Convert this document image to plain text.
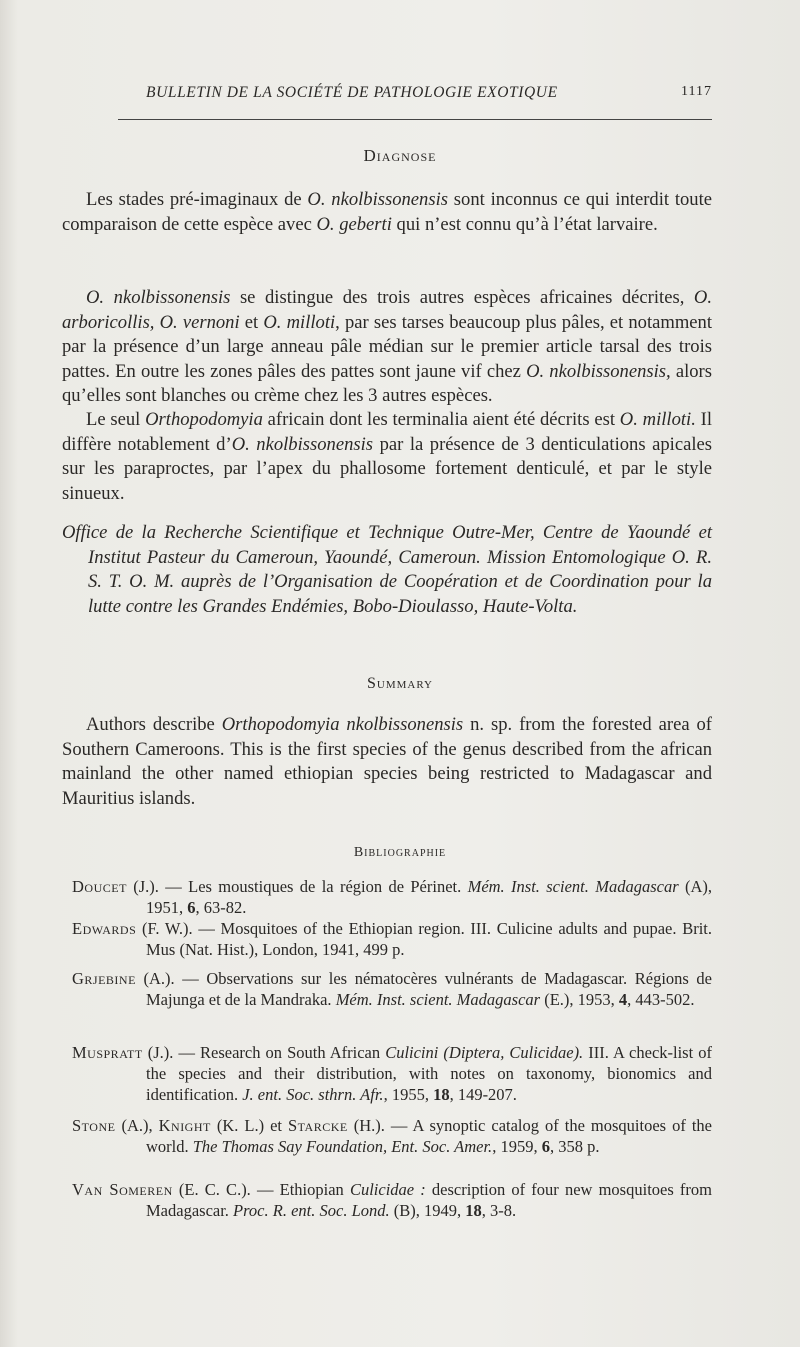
BULLETIN DE LA SOCIÉTÉ DE PATHOLOGIE EXOTIQUE	1117
Diagnose

Les stades pré-imaginaux de O. nkolbissonensis sont inconnus ce qui interdit toute comparaison de cette espèce avec O. geberti qui n’est connu qu’à l’état larvaire.

O. nkolbissonensis se distingue des trois autres espèces africaines décrites, O. arboricollis, O. vernoni et O. milloti, par ses tarses beaucoup plus pâles, et notamment par la présence d’un large anneau pâle médian sur le premier article tarsal des trois pattes. En outre les zones pâles des pattes sont jaune vif chez O. nkolbissonensis, alors qu’elles sont blanches ou crème chez les 3 autres espèces.

Le seul Orthopodomyia africain dont les terminalia aient été décrits est O. milloti. Il diffère notablement d’O. nkolbissonensis par la présence de 3 denticulations apicales sur les paraproctes, par l’apex du phallosome fortement denticulé, et par le style sinueux.

Office de la Recherche Scientifique et Technique Outre-Mer, Centre de Yaoundé et Institut Pasteur du Cameroun, Yaoundé, Cameroun. Mission Entomologique O. R. S. T. O. M. auprès de l’Organisation de Coopération et de Coordination pour la lutte contre les Grandes Endémies, Bobo-Dioulasso, Haute-Volta.

Summary

Authors describe Orthopodomyia nkolbissonensis n. sp. from the forested area of Southern Cameroons. This is the first species of the genus described from the african mainland the other named ethiopian species being restricted to Madagascar and Mauritius islands.

Bibliographie

Doucet (J.). — Les moustiques de la région de Périnet. Mém. Inst. scient. Madagascar (A), 1951, 6, 63-82.

Edwards (F. W.). — Mosquitoes of the Ethiopian region. III. Culicine adults and pupae. Brit. Mus (Nat. Hist.), London, 1941, 499 p.

Grjebine (A.). — Observations sur les nématocères vulnérants de Madagascar. Régions de Majunga et de la Mandraka. Mém. Inst. scient. Madagascar (E.), 1953, 4, 443-502.

Muspratt (J.). — Research on South African Culicini (Diptera, Culicidae). III. A check-list of the species and their distribution, with notes on taxonomy, bionomics and identification. J. ent. Soc. sthrn. Afr., 1955, 18, 149-207.

Stone (A.), Knight (K. L.) et Starcke (H.). — A synoptic catalog of the mosquitoes of the world. The Thomas Say Foundation, Ent. Soc. Amer., 1959, 6, 358 p.

Van Someren (E. C. C.). — Ethiopian Culicidae : description of four new mosquitoes from Madagascar. Proc. R. ent. Soc. Lond. (B), 1949, 18, 3-8.
